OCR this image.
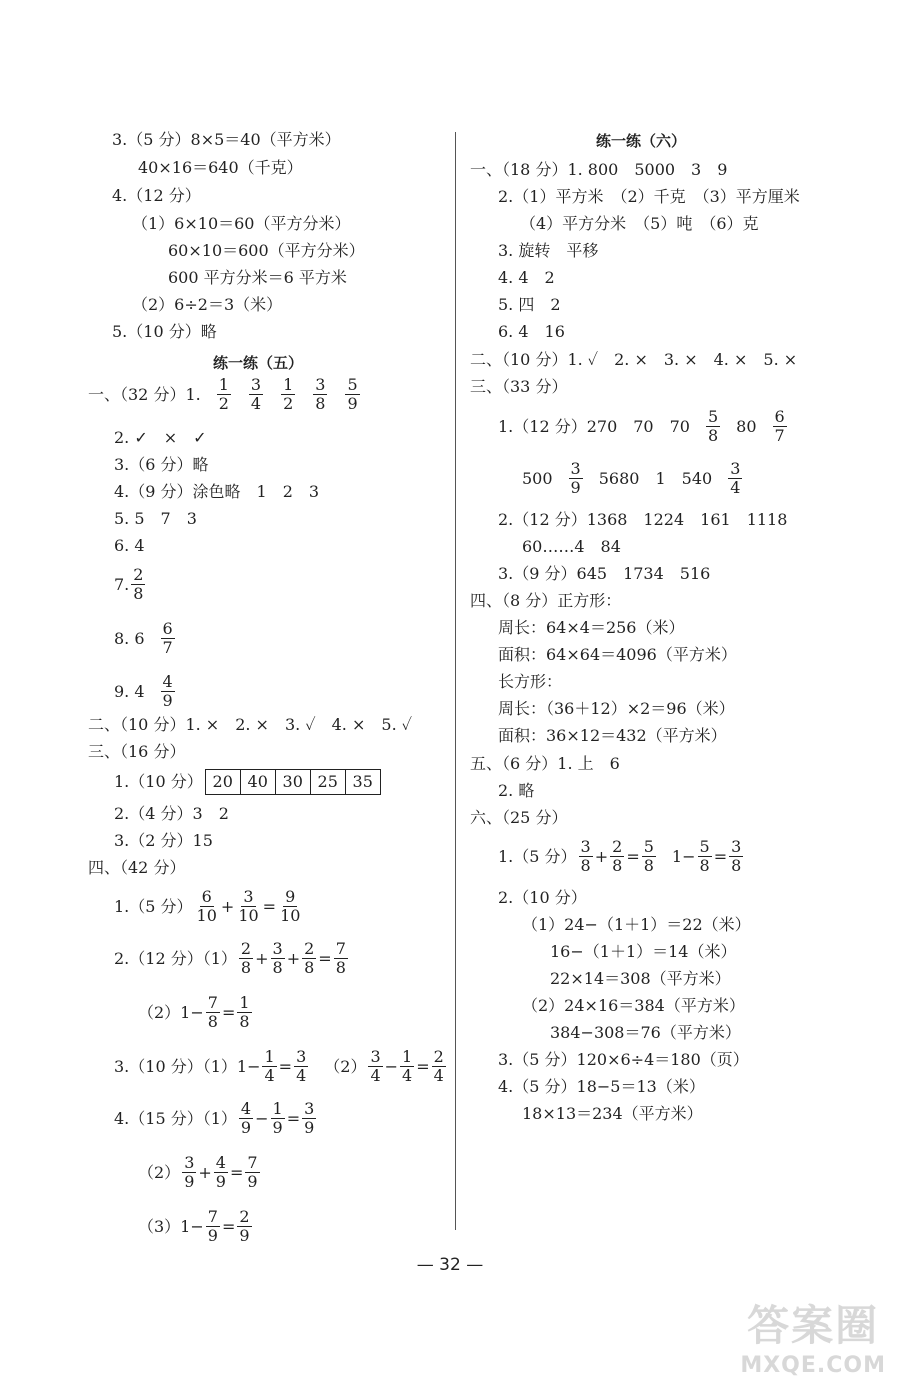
3.（5 分）8×5＝40（平方米）
40×16＝640（千克）
4.（12 分）
（1）6×10＝60（平方分米）
60×10＝600（平方分米）
600 平方分米＝6 平方米
（2）6÷2＝3（米）
5.（10 分）略
练一练（五）
一、（32 分）1. $\frac{1}{2} \frac{3}{4} \frac{1}{2} \frac{3}{8} \frac{5}{9}$
2. ✓　×　✓
3.（6 分）略
4.（9 分）涂色略　1　2　3
5. 5　7　3
6. 4
7. $\frac{2}{8}$
8. $6 \frac{6}{7}$
9. $4 \frac{4}{9}$
二、（10 分）1. ×　2. ×　3. ✓　4. ×　5. ✓
三、（16 分）
1.（10 分） 20 40 30 25 35
2.（4 分）3　2
3.（2 分）15
四、（42 分）
1.（5 分） $\frac{6}{10} + \frac{3}{10} = \frac{9}{10}$
2.（12 分）$(1) \frac{2}{8} + \frac{3}{8} + \frac{2}{8} = \frac{7}{8}$
$(2)1- \frac{7}{8} = \frac{1}{8}$
3.（10 分）$(1)1- \frac{1}{4} = \frac{3}{4} (2) \frac{3}{4} - \frac{1}{4} = \frac{2}{4}$
4.（15 分）$(1) \frac{4}{9} - \frac{1}{9} = \frac{3}{9}$
$(2) \frac{3}{9} + \frac{4}{9} = \frac{7}{9}$
$(3)1- \frac{7}{9} = \frac{2}{9}$
练一练（六）
一、（18 分）1. 800　5000　3　9
2.（1）平方米　（2）千克　（3）平方厘米
（4）平方分米　（5）吨　（6）克
3. 旋转　平移
4. 4　2
5. 四　2
6. 4　16
二、（10 分）1. ✓　2. ×　3. ×　4. ×　5. ×
三、（33 分）
1.（12 分）270　70　$70 \frac{5}{8} 80 \frac{6}{7}$
$500 \frac{3}{9} 5680$　1　$540 \frac{3}{4}$
2.（12 分）1368　1224　161　1118
60……4　84
3.（9 分）645　1734　516
四、（8 分）正方形：
周长：64×4＝256（米）
面积：64×64＝4096（平方米）
长方形：
周长：（36＋12）×2＝96（米）
面积：36×12＝432（平方米）
五、（6 分）1. 上　6
2. 略
六、（25 分）
1.（5 分） $\frac{3}{8} + \frac{2}{8} = \frac{5}{8} 1 - \frac{5}{8} = \frac{3}{8}$
2.（10 分）
（1）24−（1＋1）＝22（米）
16−（1＋1）＝14（米）
22×14＝308（平方米）
（2）24×16＝384（平方米）
384−308＝76（平方米）
3.（5 分）120×6÷4＝180（页）
4.（5 分）18−5＝13（米）
18×13＝234（平方米）
— 32 —
答案圈
MXQE.COM
